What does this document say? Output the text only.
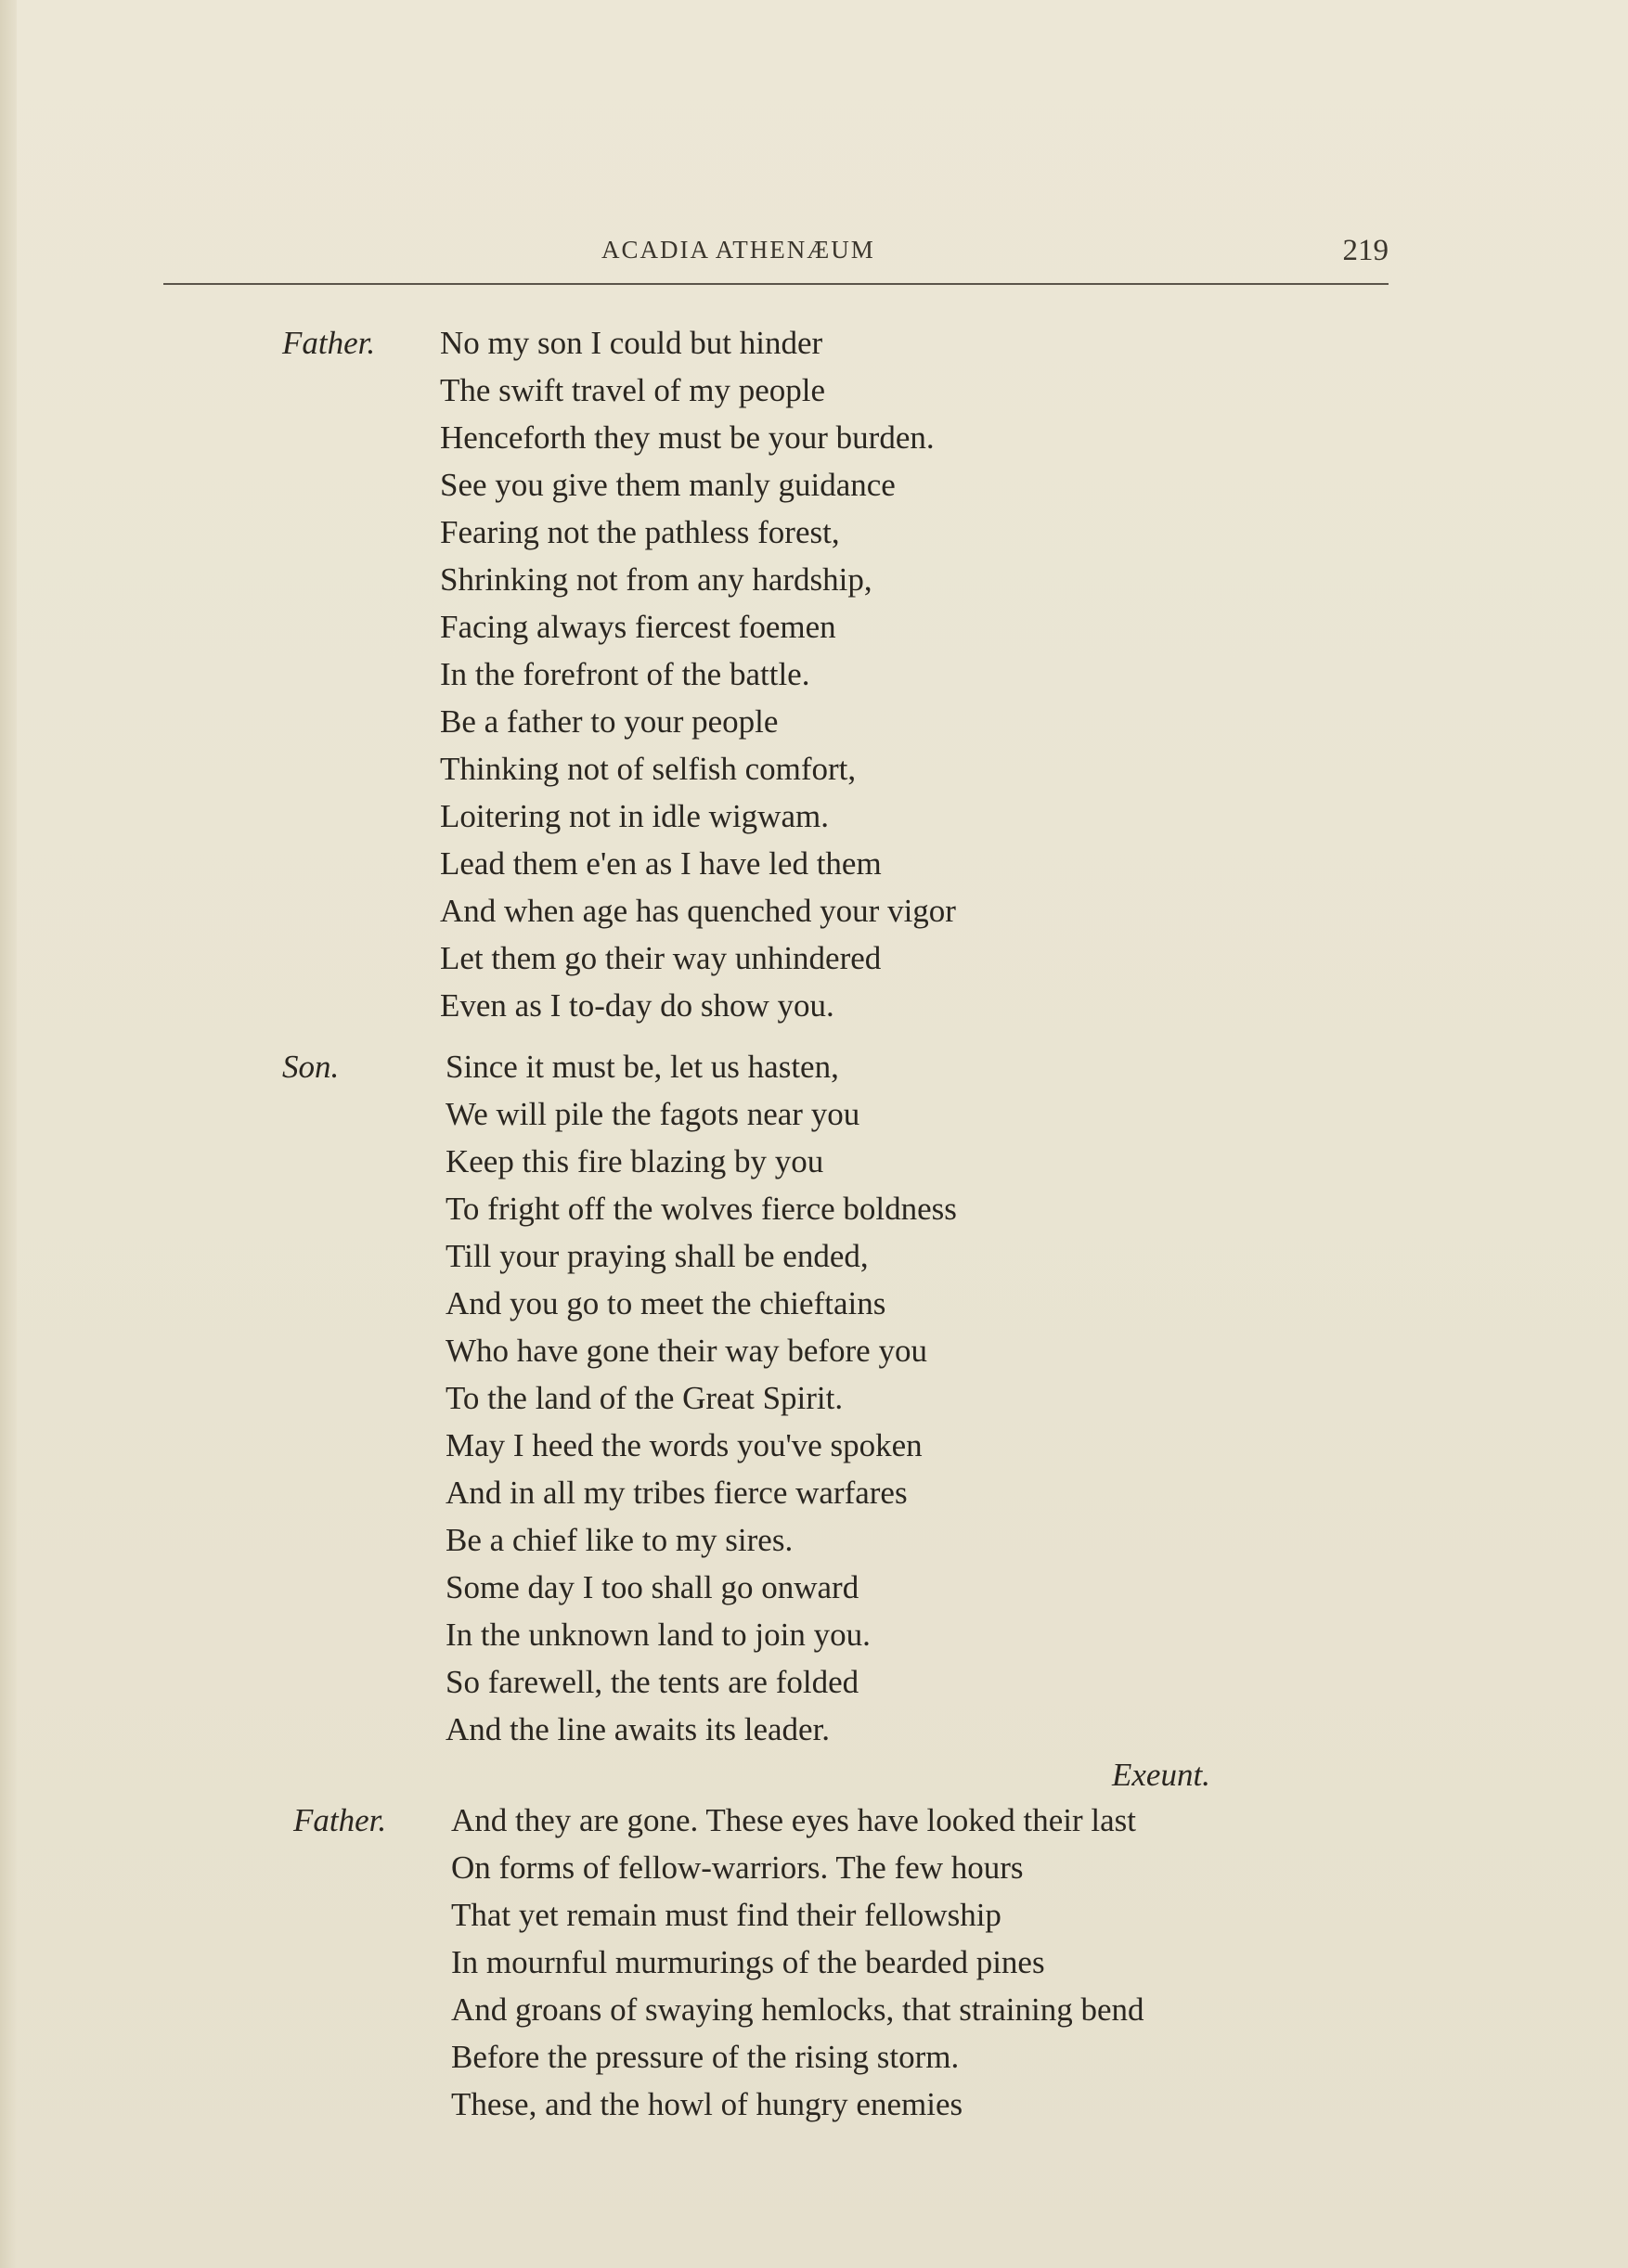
ACADIA ATHENÆUM	219
Father. No my son I could but hinder
The swift travel of my people
Henceforth they must be your burden.
See you give them manly guidance
Fearing not the pathless forest,
Shrinking not from any hardship,
Facing always fiercest foemen
In the forefront of the battle.
Be a father to your people
Thinking not of selfish comfort,
Loitering not in idle wigwam.
Lead them e'en as I have led them
And when age has quenched your vigor
Let them go their way unhindered
Even as I to-day do show you.
Son.	Since it must be, let us hasten,
We will pile the fagots near you
Keep this fire blazing by you
To fright off the wolves fierce boldness
Till your praying shall be ended,
And you go to meet the chieftains
Who have gone their way before you
To the land of the Great Spirit.
May I heed the words you've spoken
And in all my tribes fierce warfares
Be a chief like to my sires.
Some day I too shall go onward
In the unknown land to join you.
So farewell, the tents are folded
And the line awaits its leader.
Exeunt.
Father. And they are gone. These eyes have looked their last
On forms of fellow-warriors. The few hours
That yet remain must find their fellowship
In mournful murmurings of the bearded pines
And groans of swaying hemlocks, that straining bend
Before the pressure of the rising storm.
These, and the howl of hungry enemies
